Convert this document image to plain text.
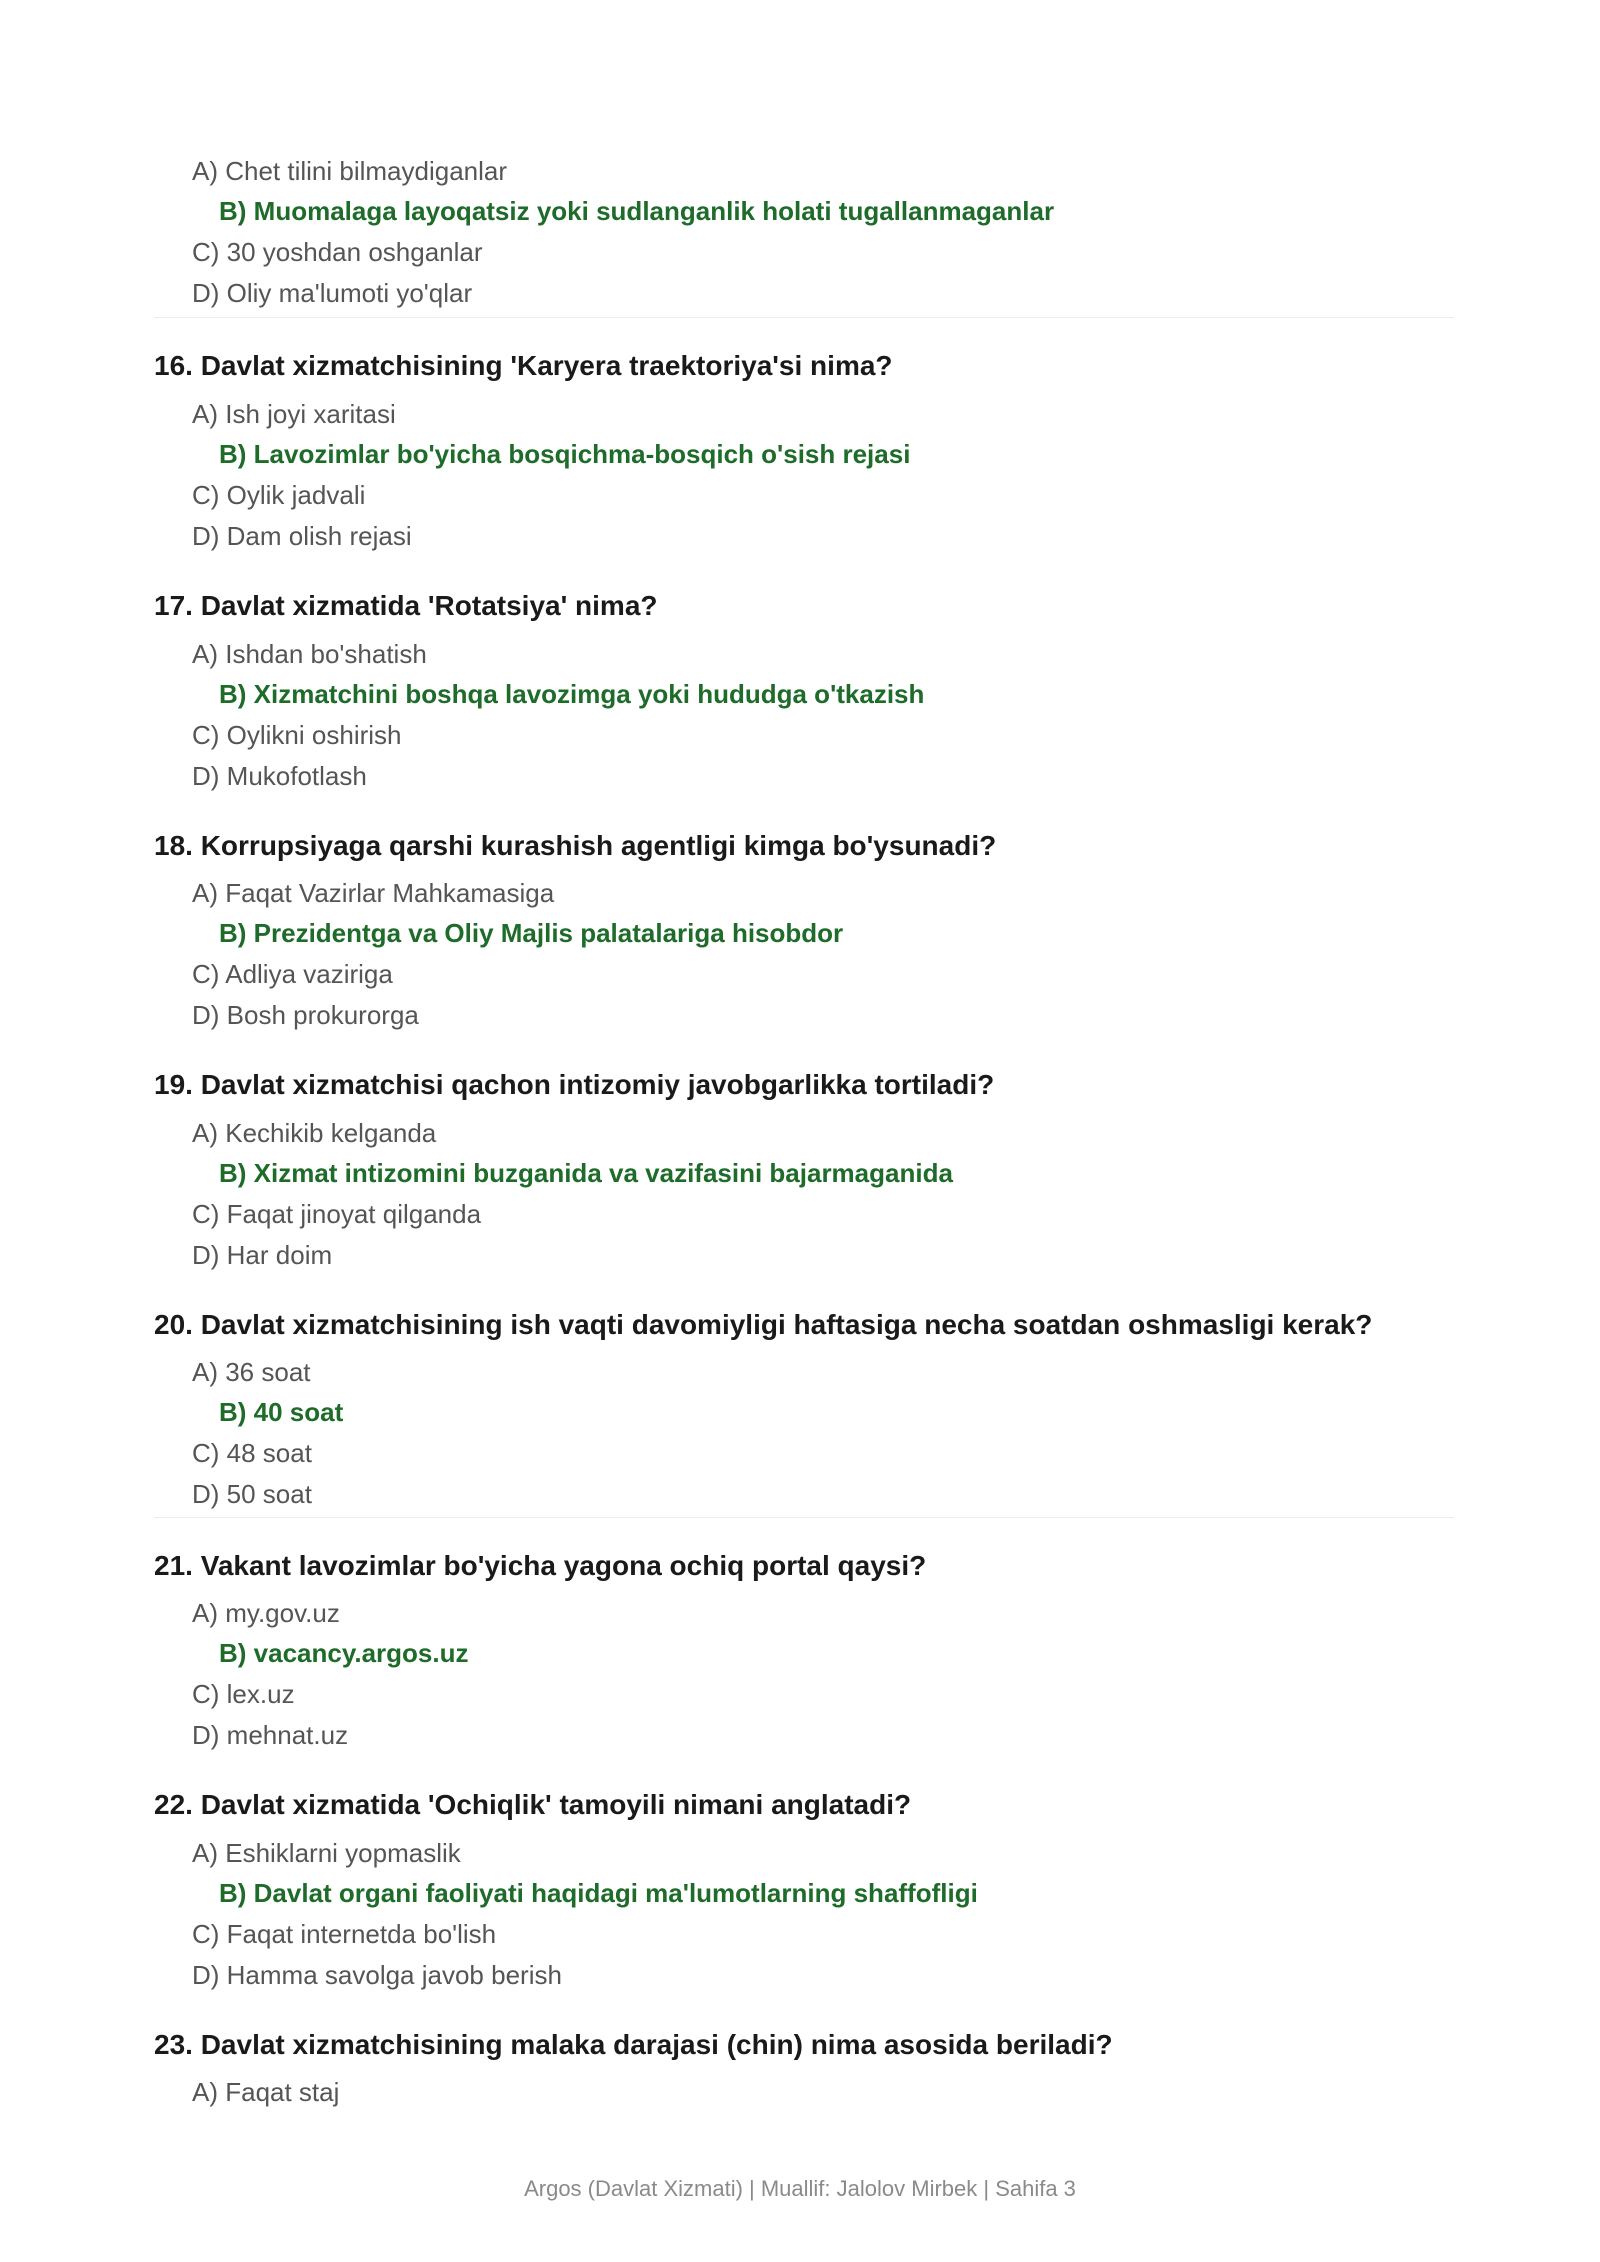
A) Chet tilini bilmaydiganlar
B) Muomalaga layoqatsiz yoki sudlanganlik holati tugallanmaganlar
C) 30 yoshdan oshganlar
D) Oliy ma'lumoti yo'qlar
16. Davlat xizmatchisining 'Karyera traektoriya'si nima?
A) Ish joyi xaritasi
B) Lavozimlar bo'yicha bosqichma-bosqich o'sish rejasi
C) Oylik jadvali
D) Dam olish rejasi
17. Davlat xizmatida 'Rotatsiya' nima?
A) Ishdan bo'shatish
B) Xizmatchini boshqa lavozimga yoki hududga o'tkazish
C) Oylikni oshirish
D) Mukofotlash
18. Korrupsiyaga qarshi kurashish agentligi kimga bo'ysunadi?
A) Faqat Vazirlar Mahkamasiga
B) Prezidentga va Oliy Majlis palatalariga hisobdor
C) Adliya vaziriga
D) Bosh prokurorga
19. Davlat xizmatchisi qachon intizomiy javobgarlikka tortiladi?
A) Kechikib kelganda
B) Xizmat intizomini buzganida va vazifasini bajarmaganida
C) Faqat jinoyat qilganda
D) Har doim
20. Davlat xizmatchisining ish vaqti davomiyligi haftasiga necha soatdan oshmasligi kerak?
A) 36 soat
B) 40 soat
C) 48 soat
D) 50 soat
21. Vakant lavozimlar bo'yicha yagona ochiq portal qaysi?
A) my.gov.uz
B) vacancy.argos.uz
C) lex.uz
D) mehnat.uz
22. Davlat xizmatida 'Ochiqlik' tamoyili nimani anglatadi?
A) Eshiklarni yopmaslik
B) Davlat organi faoliyati haqidagi ma'lumotlarning shaffofligi
C) Faqat internetda bo'lish
D) Hamma savolga javob berish
23. Davlat xizmatchisining malaka darajasi (chin) nima asosida beriladi?
A) Faqat staj
Argos (Davlat Xizmati) | Muallif: Jalolov Mirbek | Sahifa 3
